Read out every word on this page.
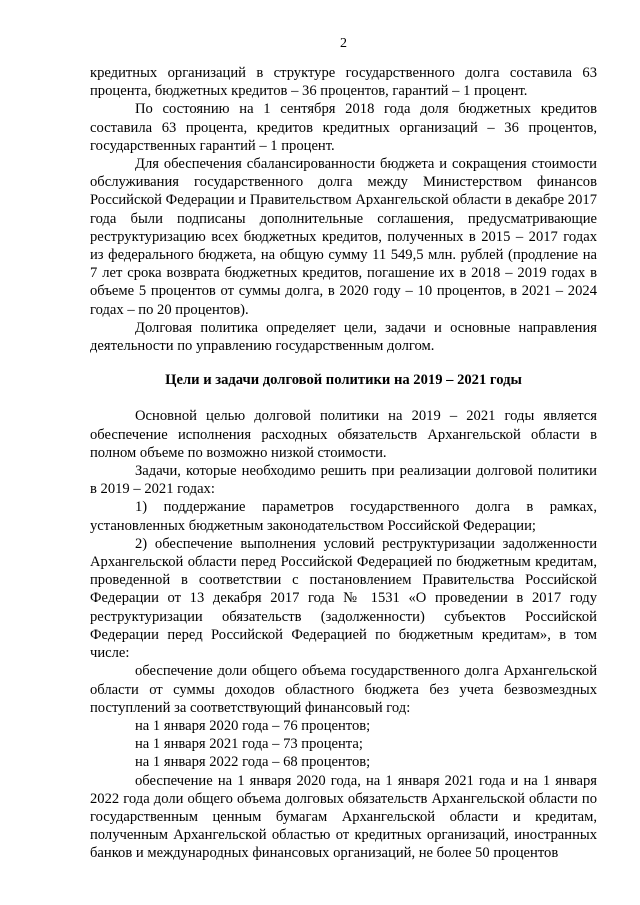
2

кредитных организаций в структуре государственного долга составила 63 процента, бюджетных кредитов – 36 процентов, гарантий – 1 процент.

По состоянию на 1 сентября 2018 года доля бюджетных кредитов составила 63 процента, кредитов кредитных организаций – 36 процентов, государственных гарантий – 1 процент.

Для обеспечения сбалансированности бюджета и сокращения стоимости обслуживания государственного долга между Министерством финансов Российской Федерации и Правительством Архангельской области в декабре 2017 года были подписаны дополнительные соглашения, предусматривающие реструктуризацию всех бюджетных кредитов, полученных в 2015 – 2017 годах из федерального бюджета, на общую сумму 11 549,5 млн. рублей (продление на 7 лет срока возврата бюджетных кредитов, погашение их в 2018 – 2019 годах в объеме 5 процентов от суммы долга, в 2020 году – 10 процентов, в 2021 – 2024 годах – по 20 процентов).

Долговая политика определяет цели, задачи и основные направления деятельности по управлению государственным долгом.

Цели и задачи долговой политики на 2019 – 2021 годы

Основной целью долговой политики на 2019 – 2021 годы является обеспечение исполнения расходных обязательств Архангельской области в полном объеме по возможно низкой стоимости.

Задачи, которые необходимо решить при реализации долговой политики в 2019 – 2021 годах:

1) поддержание параметров государственного долга в рамках, установленных бюджетным законодательством Российской Федерации;

2) обеспечение выполнения условий реструктуризации задолженности Архангельской области перед Российской Федерацией по бюджетным кредитам, проведенной в соответствии с постановлением Правительства Российской Федерации от 13 декабря 2017 года № 1531 «О проведении в 2017 году реструктуризации обязательств (задолженности) субъектов Российской Федерации перед Российской Федерацией по бюджетным кредитам», в том числе:

обеспечение доли общего объема государственного долга Архангельской области от суммы доходов областного бюджета без учета безвозмездных поступлений за соответствующий финансовый год:

на 1 января 2020 года – 76 процентов;

на 1 января 2021 года – 73 процента;

на 1 января 2022 года – 68 процентов;

обеспечение на 1 января 2020 года, на 1 января 2021 года и на 1 января 2022 года доли общего объема долговых обязательств Архангельской области по государственным ценным бумагам Архангельской области и кредитам, полученным Архангельской областью от кредитных организаций, иностранных банков и международных финансовых организаций, не более 50 процентов
